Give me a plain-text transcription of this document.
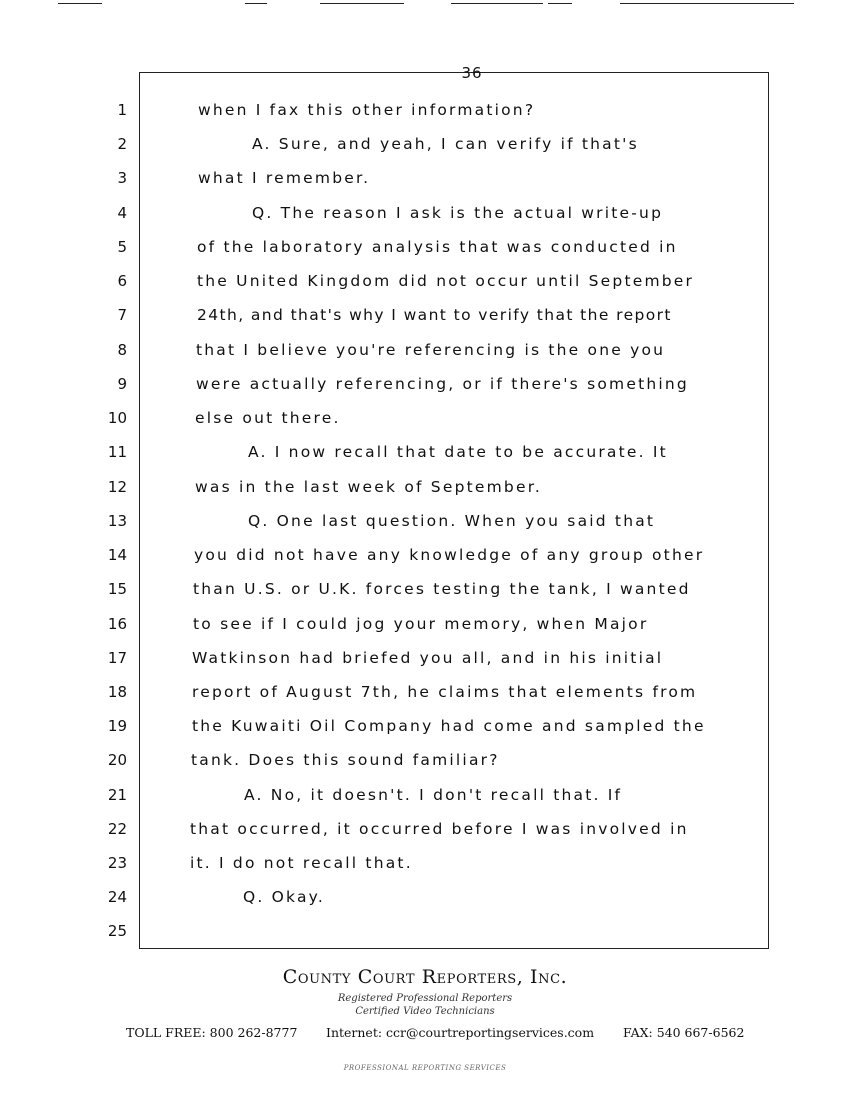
36
1	when I fax this other information?
2	A. Sure, and yeah, I can verify if that's
3	what I remember.
4	Q. The reason I ask is the actual write-up
5	of the laboratory analysis that was conducted in
6	the United Kingdom did not occur until September
7	24th, and that's why I want to verify that the report
8	that I believe you're referencing is the one you
9	were actually referencing, or if there's something
10	else out there.
11	A. I now recall that date to be accurate. It
12	was in the last week of September.
13	Q. One last question. When you said that
14	you did not have any knowledge of any group other
15	than U.S. or U.K. forces testing the tank, I wanted
16	to see if I could jog your memory, when Major
17	Watkinson had briefed you all, and in his initial
18	report of August 7th, he claims that elements from
19	the Kuwaiti Oil Company had come and sampled the
20	tank. Does this sound familiar?
21	A. No, it doesn't. I don't recall that. If
22	that occurred, it occurred before I was involved in
23	it. I do not recall that.
24	Q. Okay.
25
County Court Reporters, Inc.
Registered Professional Reporters
Certified Video Technicians
TOLL FREE: 800 262-8777 Internet: ccr@courtreportingservices.com FAX: 540 667-6562
PROFESSIONAL REPORTING SERVICES
